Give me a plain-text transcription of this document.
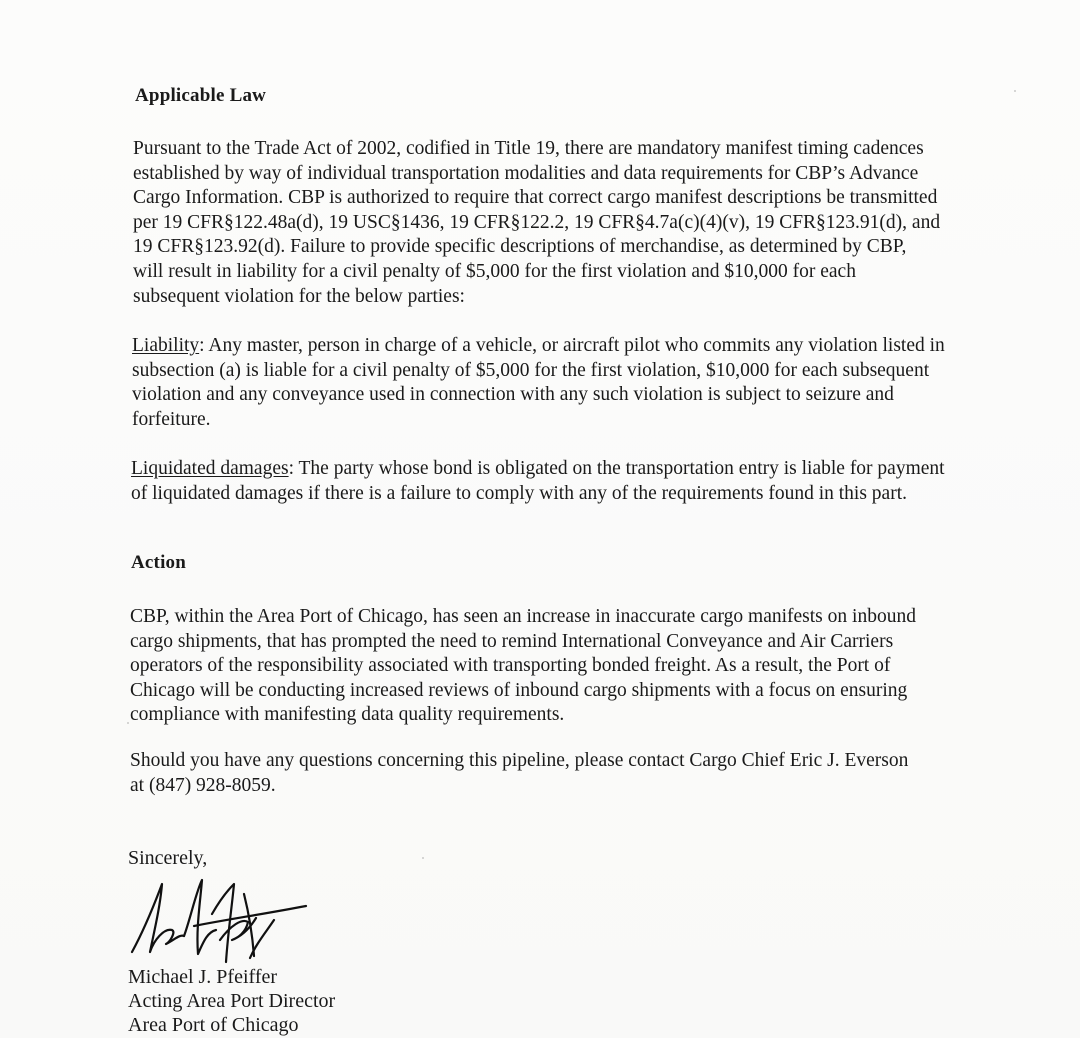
Applicable Law

Pursuant to the Trade Act of 2002, codified in Title 19, there are mandatory manifest timing cadences established by way of individual transportation modalities and data requirements for CBP’s Advance Cargo Information. CBP is authorized to require that correct cargo manifest descriptions be transmitted per 19 CFR§122.48a(d), 19 USC§1436, 19 CFR§122.2, 19 CFR§4.7a(c)(4)(v), 19 CFR§123.91(d), and 19 CFR§123.92(d). Failure to provide specific descriptions of merchandise, as determined by CBP, will result in liability for a civil penalty of $5,000 for the first violation and $10,000 for each subsequent violation for the below parties:

Liability: Any master, person in charge of a vehicle, or aircraft pilot who commits any violation listed in subsection (a) is liable for a civil penalty of $5,000 for the first violation, $10,000 for each subsequent violation and any conveyance used in connection with any such violation is subject to seizure and forfeiture.

Liquidated damages: The party whose bond is obligated on the transportation entry is liable for payment of liquidated damages if there is a failure to comply with any of the requirements found in this part.

Action

CBP, within the Area Port of Chicago, has seen an increase in inaccurate cargo manifests on inbound cargo shipments, that has prompted the need to remind International Conveyance and Air Carriers operators of the responsibility associated with transporting bonded freight. As a result, the Port of Chicago will be conducting increased reviews of inbound cargo shipments with a focus on ensuring compliance with manifesting data quality requirements.

Should you have any questions concerning this pipeline, please contact Cargo Chief Eric J. Everson at (847) 928-8059.

Sincerely,
Michael J. Pfeiffer
Acting Area Port Director
Area Port of Chicago
